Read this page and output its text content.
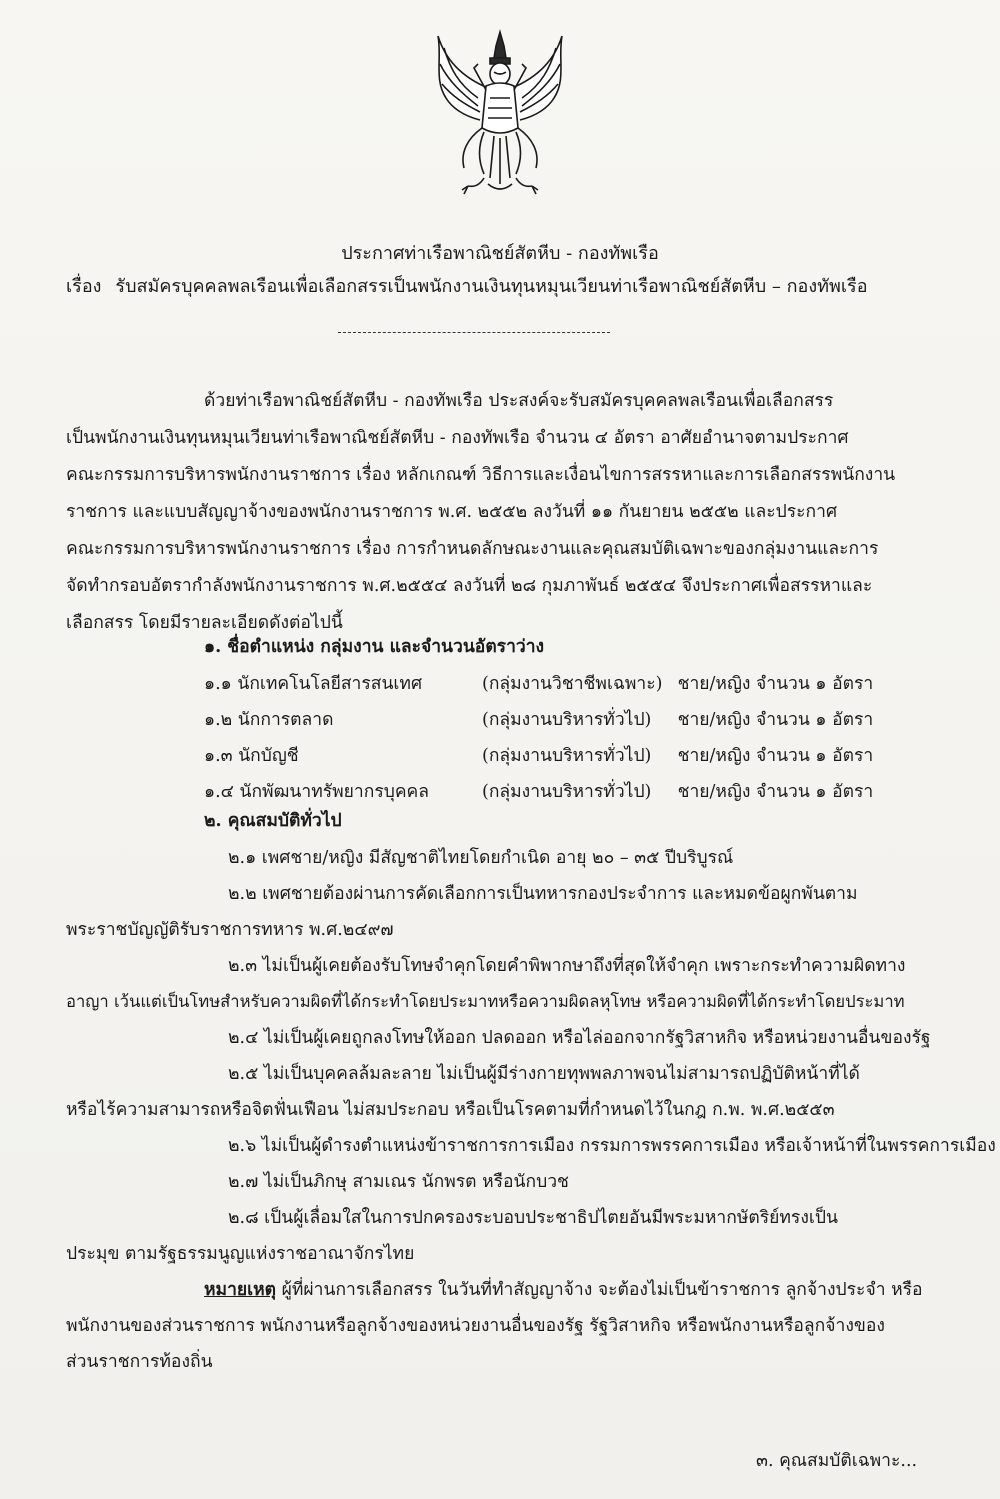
ประกาศท่าเรือพาณิชย์สัตหีบ - กองทัพเรือ
เรื่อง รับสมัครบุคคลพลเรือนเพื่อเลือกสรรเป็นพนักงานเงินทุนหมุนเวียนท่าเรือพาณิชย์สัตหีบ – กองทัพเรือ
ด้วยท่าเรือพาณิชย์สัตหีบ - กองทัพเรือ ประสงค์จะรับสมัครบุคคลพลเรือนเพื่อเลือกสรร
เป็นพนักงานเงินทุนหมุนเวียนท่าเรือพาณิชย์สัตหีบ - กองทัพเรือ จำนวน ๔ อัตรา อาศัยอำนาจตามประกาศ
คณะกรรมการบริหารพนักงานราชการ เรื่อง หลักเกณฑ์ วิธีการและเงื่อนไขการสรรหาและการเลือกสรรพนักงาน
ราชการ และแบบสัญญาจ้างของพนักงานราชการ พ.ศ. ๒๕๕๒ ลงวันที่ ๑๑ กันยายน ๒๕๕๒ และประกาศ
คณะกรรมการบริหารพนักงานราชการ เรื่อง การกำหนดลักษณะงานและคุณสมบัติเฉพาะของกลุ่มงานและการ
จัดทำกรอบอัตรากำลังพนักงานราชการ พ.ศ.๒๕๕๔ ลงวันที่ ๒๘ กุมภาพันธ์ ๒๕๕๔ จึงประกาศเพื่อสรรหาและ
เลือกสรร โดยมีรายละเอียดดังต่อไปนี้
๑. ชื่อตำแหน่ง กลุ่มงาน และจำนวนอัตราว่าง
๑.๑ นักเทคโนโลยีสารสนเทศ	(กลุ่มงานวิชาชีพเฉพาะ) ชาย/หญิง จำนวน ๑ อัตรา
๑.๒ นักการตลาด	(กลุ่มงานบริหารทั่วไป) ชาย/หญิง จำนวน ๑ อัตรา
๑.๓ นักบัญชี	(กลุ่มงานบริหารทั่วไป) ชาย/หญิง จำนวน ๑ อัตรา
๑.๔ นักพัฒนาทรัพยากรบุคคล	(กลุ่มงานบริหารทั่วไป) ชาย/หญิง จำนวน ๑ อัตรา
๒. คุณสมบัติทั่วไป
๒.๑ เพศชาย/หญิง มีสัญชาติไทยโดยกำเนิด อายุ ๒๐ – ๓๕ ปีบริบูรณ์
๒.๒ เพศชายต้องผ่านการคัดเลือกการเป็นทหารกองประจำการ และหมดข้อผูกพันตาม
พระราชบัญญัติรับราชการทหาร พ.ศ.๒๔๙๗
๒.๓ ไม่เป็นผู้เคยต้องรับโทษจำคุกโดยคำพิพากษาถึงที่สุดให้จำคุก เพราะกระทำความผิดทาง
อาญา เว้นแต่เป็นโทษสำหรับความผิดที่ได้กระทำโดยประมาทหรือความผิดลหุโทษ หรือความผิดที่ได้กระทำโดยประมาท
๒.๔ ไม่เป็นผู้เคยถูกลงโทษให้ออก ปลดออก หรือไล่ออกจากรัฐวิสาหกิจ หรือหน่วยงานอื่นของรัฐ
๒.๕ ไม่เป็นบุคคลล้มละลาย ไม่เป็นผู้มีร่างกายทุพพลภาพจนไม่สามารถปฏิบัติหน้าที่ได้
หรือไร้ความสามารถหรือจิตฟั่นเฟือน ไม่สมประกอบ หรือเป็นโรคตามที่กำหนดไว้ในกฎ ก.พ. พ.ศ.๒๕๕๓
๒.๖ ไม่เป็นผู้ดำรงตำแหน่งข้าราชการการเมือง กรรมการพรรคการเมือง หรือเจ้าหน้าที่ในพรรคการเมือง
๒.๗ ไม่เป็นภิกษุ สามเณร นักพรต หรือนักบวช
๒.๘ เป็นผู้เลื่อมใสในการปกครองระบอบประชาธิปไตยอันมีพระมหากษัตริย์ทรงเป็น
ประมุข ตามรัฐธรรมนูญแห่งราชอาณาจักรไทย
หมายเหตุ ผู้ที่ผ่านการเลือกสรร ในวันที่ทำสัญญาจ้าง จะต้องไม่เป็นข้าราชการ ลูกจ้างประจำ หรือ
พนักงานของส่วนราชการ พนักงานหรือลูกจ้างของหน่วยงานอื่นของรัฐ รัฐวิสาหกิจ หรือพนักงานหรือลูกจ้างของ
ส่วนราชการท้องถิ่น
๓. คุณสมบัติเฉพาะ...
